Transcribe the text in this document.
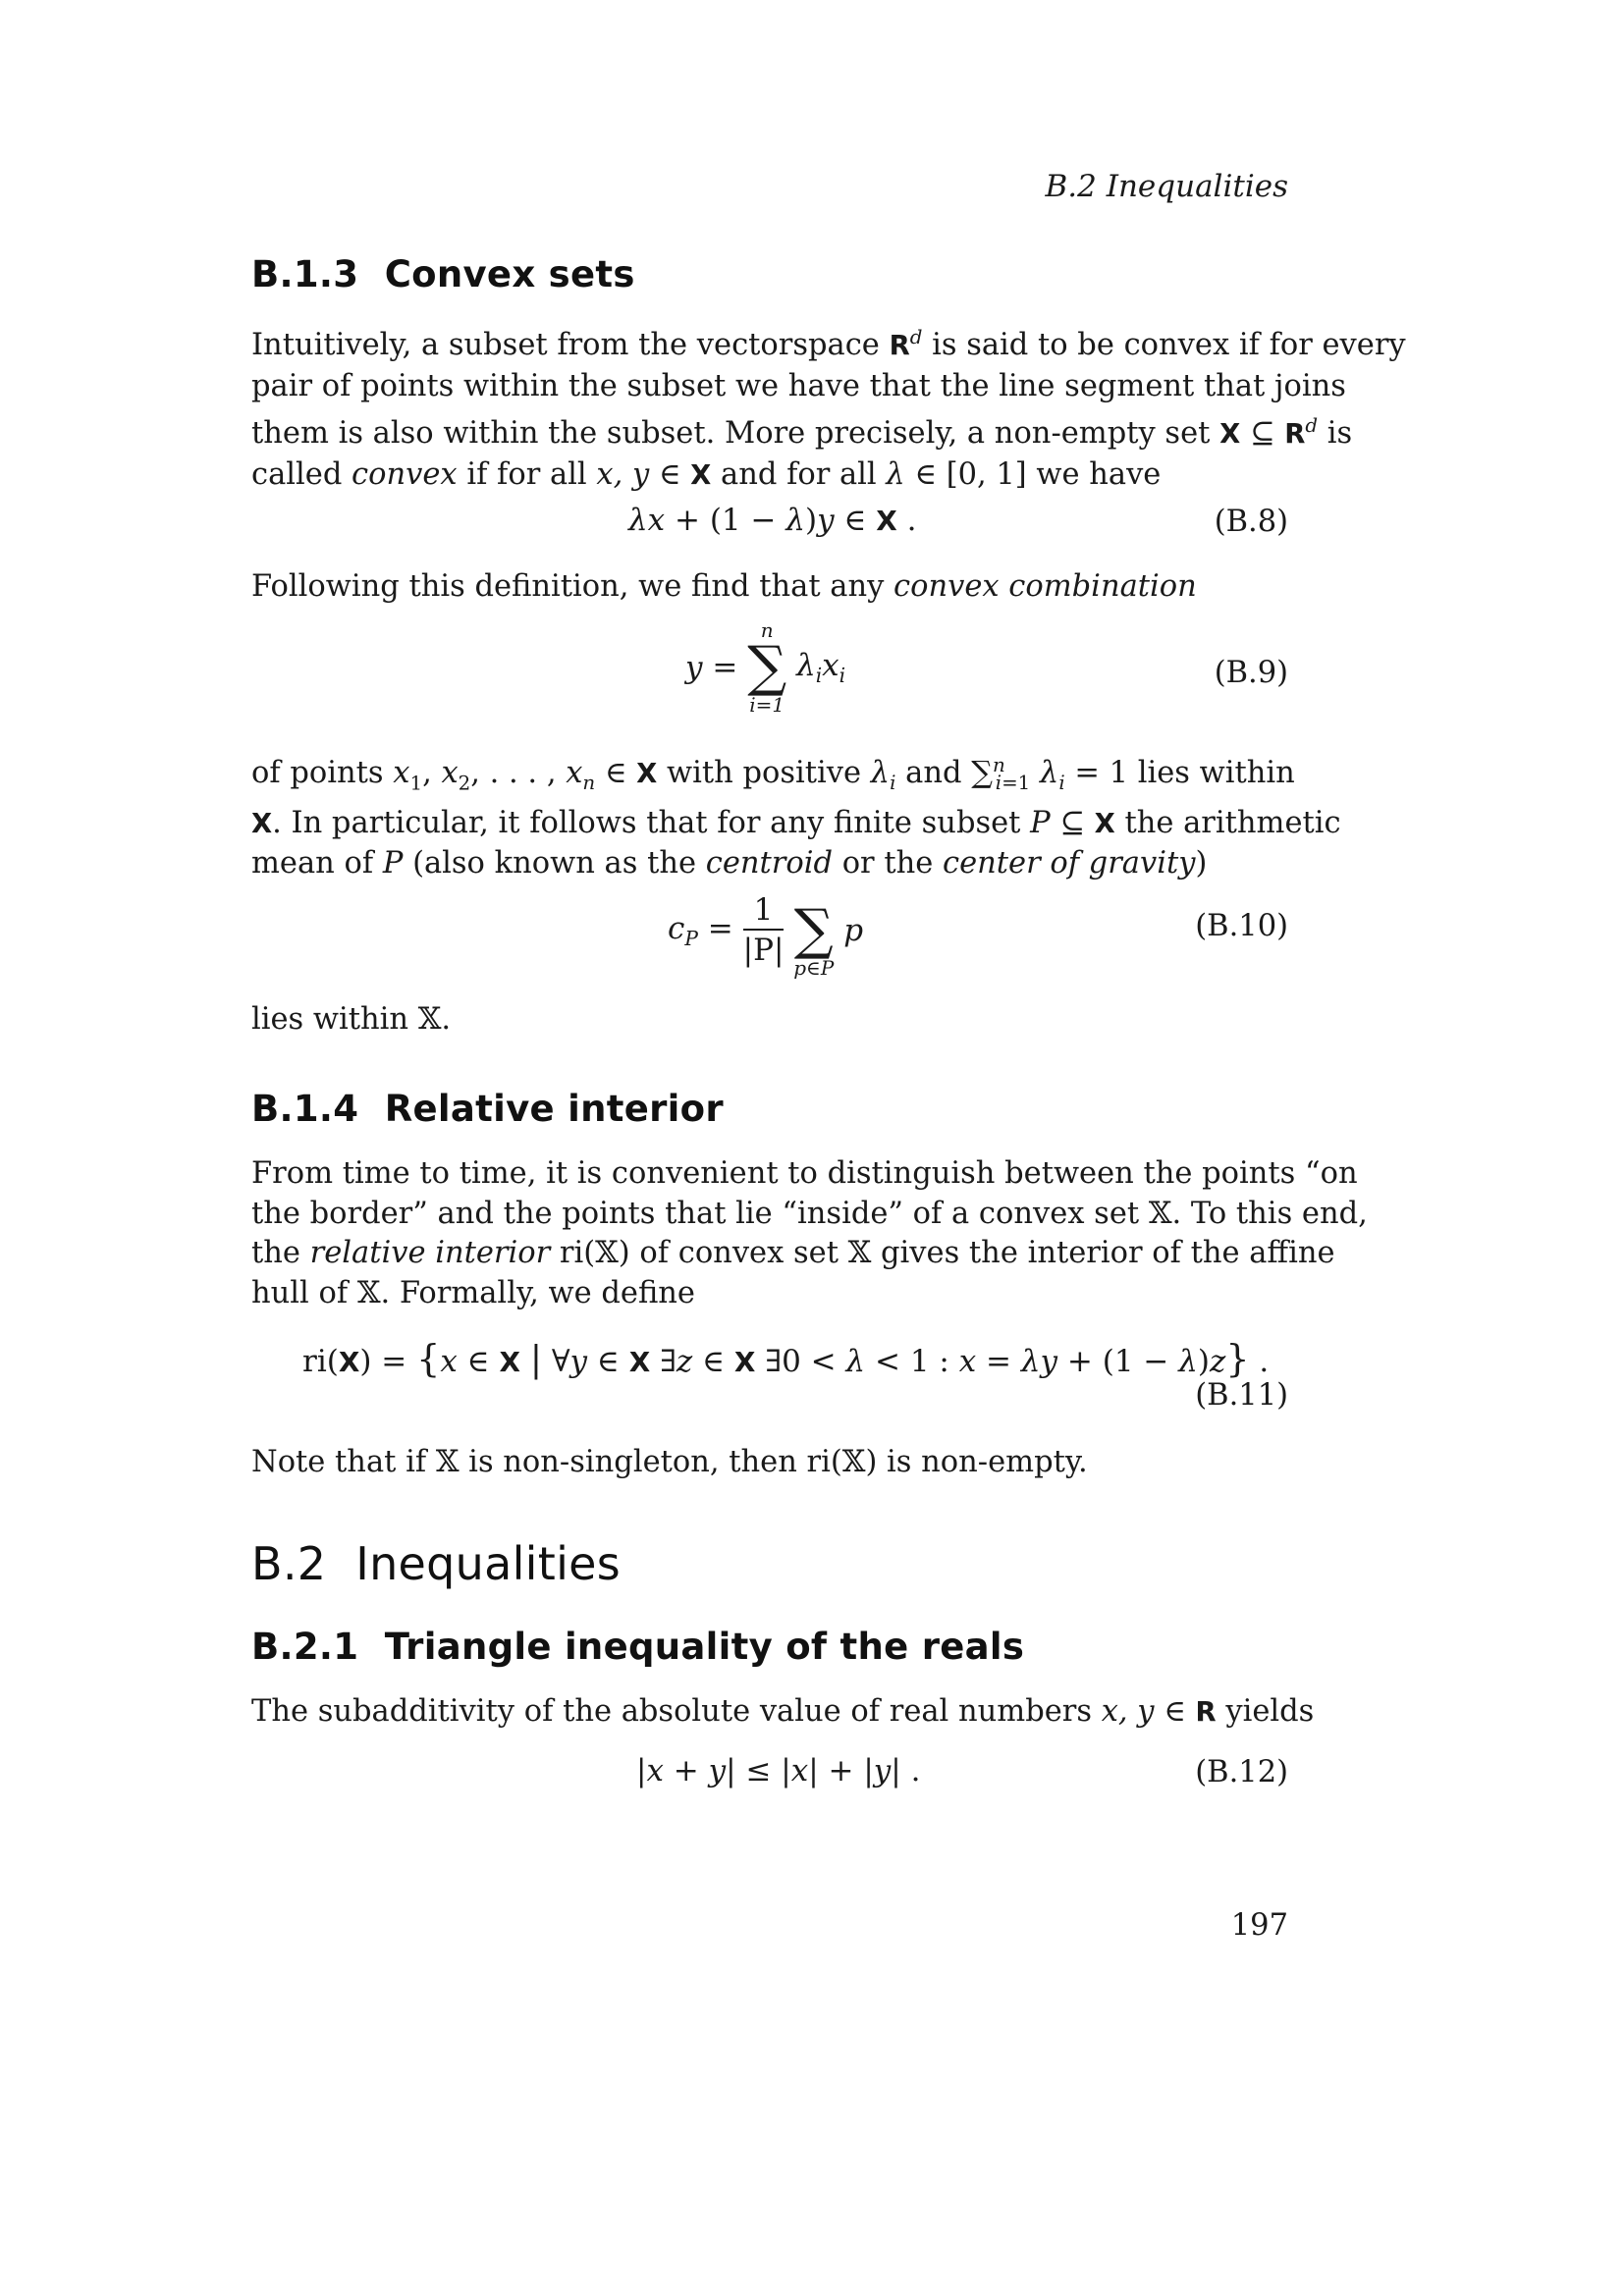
B.2 Inequalities
B.1.3 Convex sets
Intuitively, a subset from the vectorspace $R^d$ is said to be convex if for every
pair of points within the subset we have that the line segment that joins
them is also within the subset. More precisely, a non-empty set X ⊆ $R^d$ is
called convex if for all x, y ∈ X and for all λ ∈ [0, 1] we have
λx + (1 − λ)y ∈ X .	(B.8)
Following this definition, we find that any convex combination
y =
n
∑
i=1
$\lambda_ix_i$	(B.9)
of points $x_1$, $x_2$, . . . , $x_n$ ∈ X with positive $\lambda_i$ and ∑$^n_{i=1}$ $\lambda_i = 1$ lies within
X. In particular, it follows that for any finite subset P ⊆ X the arithmetic
mean of P (also known as the centroid or the center of gravity)
$c_P = \frac{1}{|P|}$

∑
p∈P
p	(B.10)
lies within 𝕏.
B.1.4 Relative interior
From time to time, it is convenient to distinguish between the points “on
the border” and the points that lie “inside” of a convex set 𝕏. To this end,
the relative interior ri(𝕏) of convex set 𝕏 gives the interior of the affine
hull of 𝕏. Formally, we define
ri(X) = {x ∈ X | ∀y ∈ X ∃z ∈ X ∃0 < λ < 1 : x = λy + (1 − λ)z} .
(B.11)
Note that if 𝕏 is non-singleton, then ri(𝕏) is non-empty.
B.2 Inequalities
B.2.1 Triangle inequality of the reals
The subadditivity of the absolute value of real numbers x, y ∈ R yields
|x + y| ≤ |x| + |y| .	(B.12)
197
